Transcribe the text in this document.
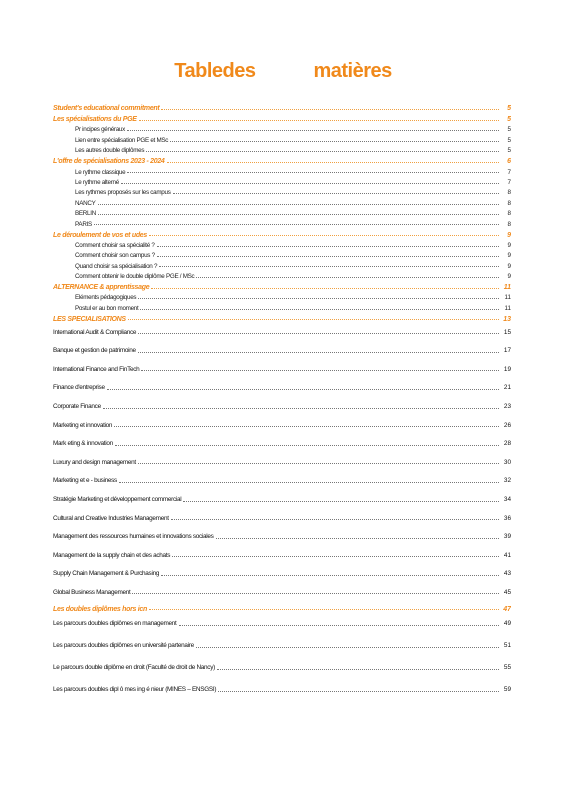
Tabledes	matières
Student's educational commitment	5
Les spécialisations du PGE	5
Pr incipes généraux	5
Lien entre spécialisation PGE et MSc	5
Les autres double diplômes	5
L'offre de spécialisations 2023 - 2024	6
Le rythme classique	7
Le rythme alterné	7
Les rythmes proposés sur les campus	8
NANCY	8
BERLIN	8
PARIS	8
Le déroulement de vos et udes	9
Comment choisir sa spécialité ?	9
Comment choisir son campus ?	9
Quand choisir sa spécialisation ?	9
Comment obtenir le double diplôme PGE / MSc	9
ALTERNANCE & apprentissage	11
Eléments pédagogiques	11
Postul er au bon moment	11
LES SPECIALISATIONS	13
International Audit & Compliance	15
Banque et gestion de patrimoine	17
International Finance and FinTech	19
Finance d'entreprise	21
Corporate Finance	23
Marketing et innovation	26
Mark eting & innovation	28
Luxury and design management	30
Marketing et e - business	32
Stratégie Marketing et développement commercial	34
Cultural and Creative Industries Management	36
Management des ressources humaines et innovations sociales	39
Management de la supply chain et des achats	41
Supply Chain Management & Purchasing	43
Global Business Management	45
Les doubles diplômes hors icn	47
Les parcours doubles diplômes en management	49
Les parcours doubles diplômes en université partenaire	51
Le parcours double diplôme en droit (Faculté de droit de Nancy)	55
Les parcours doubles dipl ô mes ing é nieur (MINES – ENSGSI)	59
